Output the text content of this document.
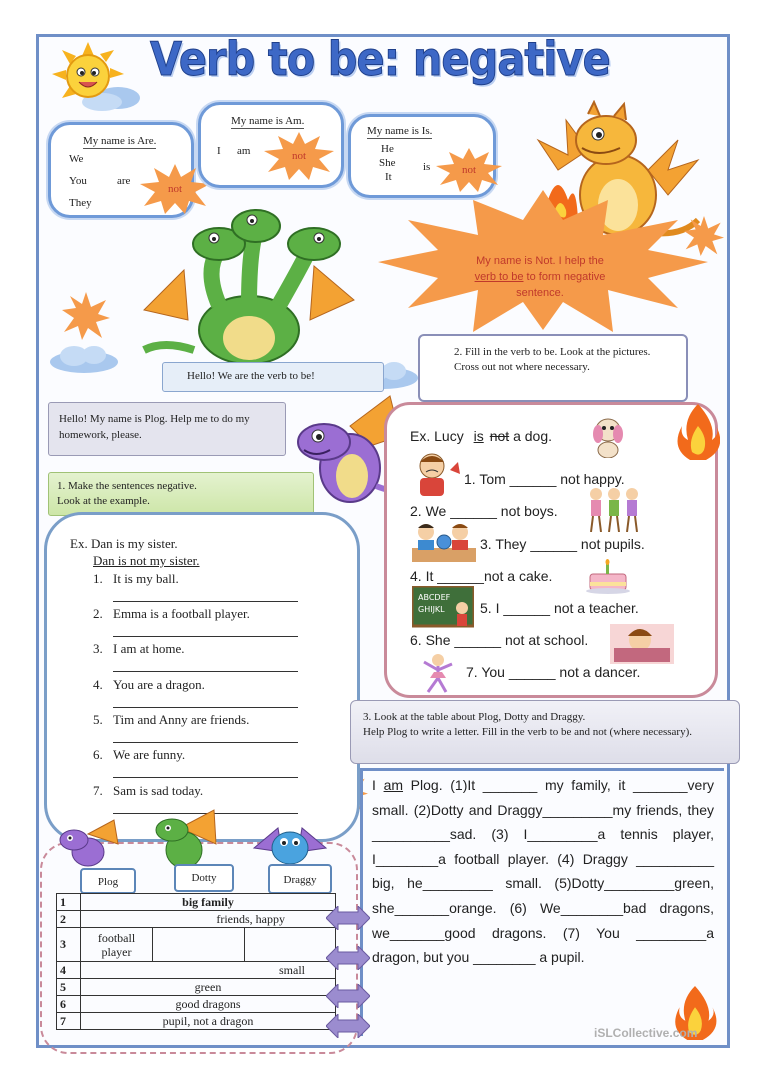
Verb to be: negative
My name is Are.
We
You
They
are
not
My name is Am.
I am	not
My name is Is.
He
She
It
is	not
My name is Not. I help the
verb to be to form negative
sentence.
Hello! We are the verb to be!
Hello! My name is Plog. Help me to do my homework, please.
1. Make the sentences negative.
Look at the example.
Ex. Dan is my sister.
Dan is not my sister.
1. It is my ball.
2. Emma is a football player.
3. I am at home.
4. You are a dragon.
5. Tim and Anny are friends.
6. We are funny.
7. Sam is sad today.
2. Fill in the verb to be. Look at the pictures. Cross out not where necessary.
Ex. Lucy is not a dog.
1. Tom ______ not happy.
2. We ______ not boys.
3. They ______ not pupils.
4. It ______not a cake.
5. I ______ not a teacher.
6. She ______ not at school.
7. You ______ not a dancer.
ABCDEF
GHIJKL
3. Look at the table about Plog, Dotty and Draggy.
Help Plog to write a letter. Fill in the verb to be and not (where necessary).
I am Plog. (1)It _______ my family, it _______very small. (2)Dotty and Draggy_________my friends, they __________sad. (3) I_________a tennis player, I________a football player. (4) Draggy __________ big, he_________ small. (5)Dotty_________green, she_______orange. (6) We________bad dragons, we_______good dragons. (7) You _________a dragon, but you ________ a pupil.
Plog	Dotty	Draggy
1	big family		
2	friends, happy		
3	football player		
4	small		
5	green		
6	good dragons		
7	pupil, not a dragon		
iSLCollective.com
